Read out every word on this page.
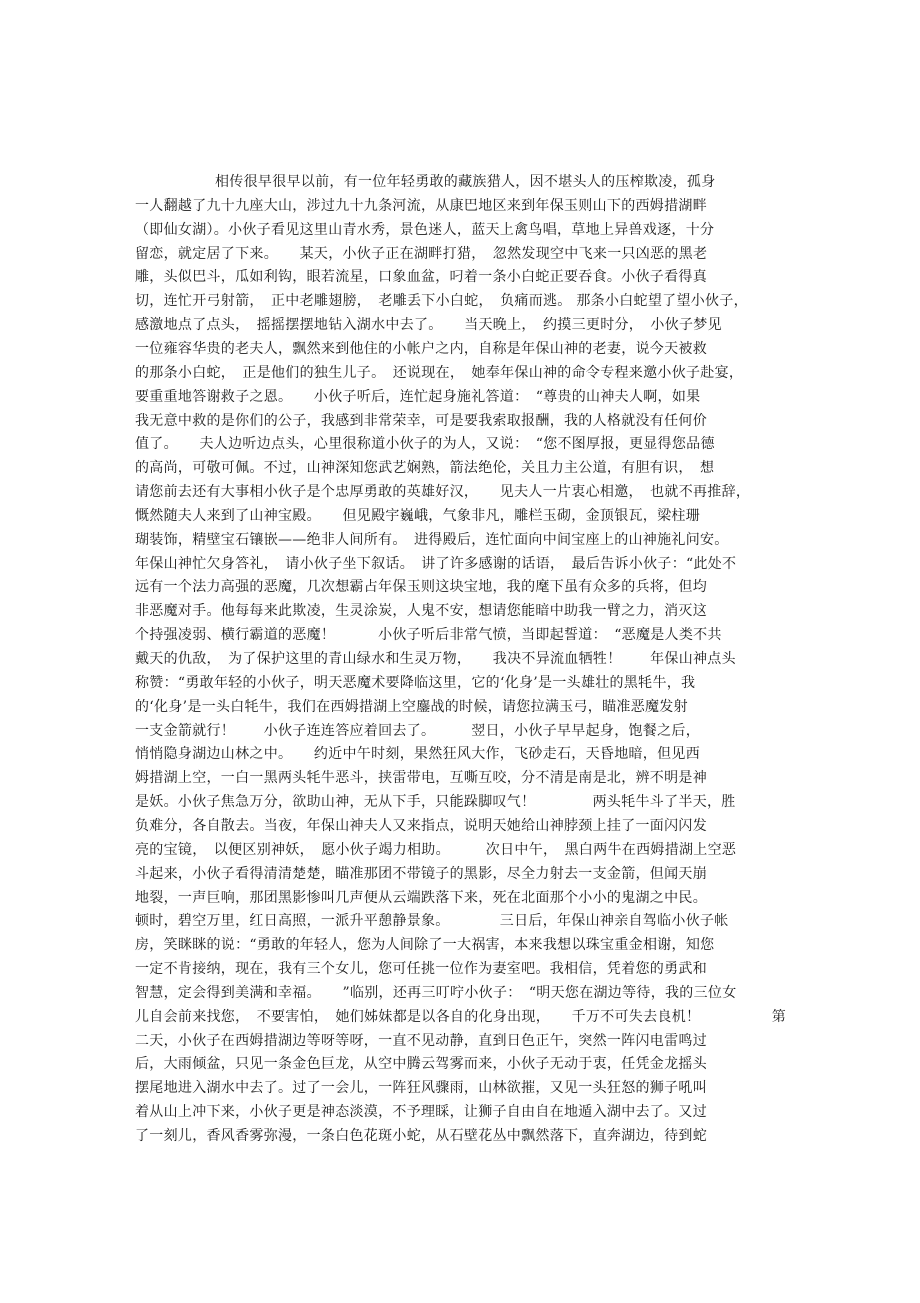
相传很早很早以前，有一位年轻勇敢的藏族猎人，因不堪头人的压榨欺凌，孤身
一人翻越了九十九座大山，涉过九十九条河流，从康巴地区来到年保玉则山下的西姆措湖畔
（即仙女湖）。小伙子看见这里山青水秀，景色迷人，蓝天上禽鸟唱，草地上异兽戏逐，十分
留恋，就定居了下来。　　某天，小伙子正在湖畔打猎，　忽然发现空中飞来一只凶恶的黑老
雕，头似巴斗，瓜如利钩，眼若流星，口象血盆，叼着一条小白蛇正要吞食。小伙子看得真
切，连忙开弓射箭，　正中老雕翅膀，　老雕丢下小白蛇，　负痛而逃。 那条小白蛇望了望小伙子，
感激地点了点头，　摇摇摆摆地钻入湖水中去了。　　当天晚上，　约摸三更时分，　小伙子梦见
一位雍容华贵的老夫人，飘然来到他住的小帐户之内，自称是年保山神的老妻，说今天被救
的那条小白蛇，　正是他们的独生儿子。　还说现在，　她奉年保山神的命令专程来邀小伙子赴宴，
要重重地答谢救子之恩。　　小伙子听后，连忙起身施礼答道：　“尊贵的山神夫人啊，如果
我无意中救的是你们的公子，我感到非常荣幸，可是要我索取报酬，我的人格就没有任何价
值了。　　夫人边听边点头，心里很称道小伙子的为人，又说：　“您不图厚报，更显得您品德
的高尚，可敬可佩。不过，山神深知您武艺娴熟，箭法绝伦，关且力主公道，有胆有识，　想
请您前去还有大事相小伙子是个忠厚勇敢的英雄好汉，　　见夫人一片衷心相邀，　也就不再推辞，
慨然随夫人来到了山神宝殿。　　但见殿宇巍峨，气象非凡，雕栏玉砌，金顶银瓦，梁柱珊
瑚装饰，精壁宝石镶嵌——绝非人间所有。　进得殿后，连忙面向中间宝座上的山神施礼问安。
年保山神忙欠身答礼，　请小伙子坐下叙话。　讲了许多感谢的话语，　最后告诉小伙子：“此处不
远有一个法力高强的恶魔，几次想霸占年保玉则这块宝地，我的麾下虽有众多的兵将，但均
非恶魔对手。他每每来此欺凌，生灵涂炭，人鬼不安，想请您能暗中助我一臂之力，消灭这
个持强凌弱、横行霸道的恶魔！　　　小伙子听后非常气愤，当即起誓道：　“恶魔是人类不共
戴天的仇敌，　为了保护这里的青山绿水和生灵万物，　　我决不异流血牺牲！　　年保山神点头
称赞：“勇敢年轻的小伙子，明天恶魔术要降临这里，它的‘化身’是一头雄壮的黑牦牛，我
的‘化身’是一头白牦牛，我们在西姆措湖上空鏖战的时候，请您拉满玉弓，瞄准恶魔发射
一支金箭就行！　　小伙子连连答应着回去了。　　　翌日，小伙子早早起身，饱餐之后，
悄悄隐身湖边山林之中。　　约近中午时刻，果然狂风大作，飞砂走石，天昏地暗，但见西
姆措湖上空，一白一黑两头牦牛恶斗，挟雷带电，互嘶互咬，分不清是南是北，辨不明是神
是妖。小伙子焦急万分，欲助山神，无从下手，只能跺脚叹气！　　　　两头牦牛斗了半天，胜
负难分，各自散去。当夜，年保山神夫人又来指点，说明天她给山神脖颈上挂了一面闪闪发
亮的宝镜，　以便区别神妖，　愿小伙子竭力相助。　　　次日中午，　黑白两牛在西姆措湖上空恶
斗起来，小伙子看得清清楚楚，瞄准那团不带镜子的黑影，尽全力射去一支金箭，但闻天崩
地裂，一声巨响，那团黑影惨叫几声便从云端跌落下来，死在北面那个小小的鬼湖之中民。
顿时，碧空万里，红日高照，一派升平憩静景象。　　　　三日后，年保山神亲自驾临小伙子帐
房，笑眯眯的说：“勇敢的年轻人，您为人间除了一大祸害，本来我想以珠宝重金相谢，知您
一定不肯接纳，现在，我有三个女儿，您可任挑一位作为妻室吧。我相信，凭着您的勇武和
智慧，定会得到美满和幸福。　　”临别，还再三叮咛小伙子：　“明天您在湖边等待，我的三位女
儿自会前来找您，　不要害怕，　她们姊妹都是以各自的化身出现，　　千万不可失去良机！　　　　　第
二天，小伙子在西姆措湖边等呀等呀，一直不见动静，直到日色正午，突然一阵闪电雷鸣过
后，大雨倾盆，只见一条金色巨龙，从空中腾云驾雾而来，小伙子无动于衷，任凭金龙摇头
摆尾地进入湖水中去了。过了一会儿，一阵狂风骤雨，山林欲摧，又见一头狂怒的狮子吼叫
着从山上冲下来，小伙子更是神态淡漠，不予理睬，让狮子自由自在地遁入湖中去了。又过
了一刻儿，香风香雾弥漫，一条白色花斑小蛇，从石壁花丛中飘然落下，直奔湖边，待到蛇
